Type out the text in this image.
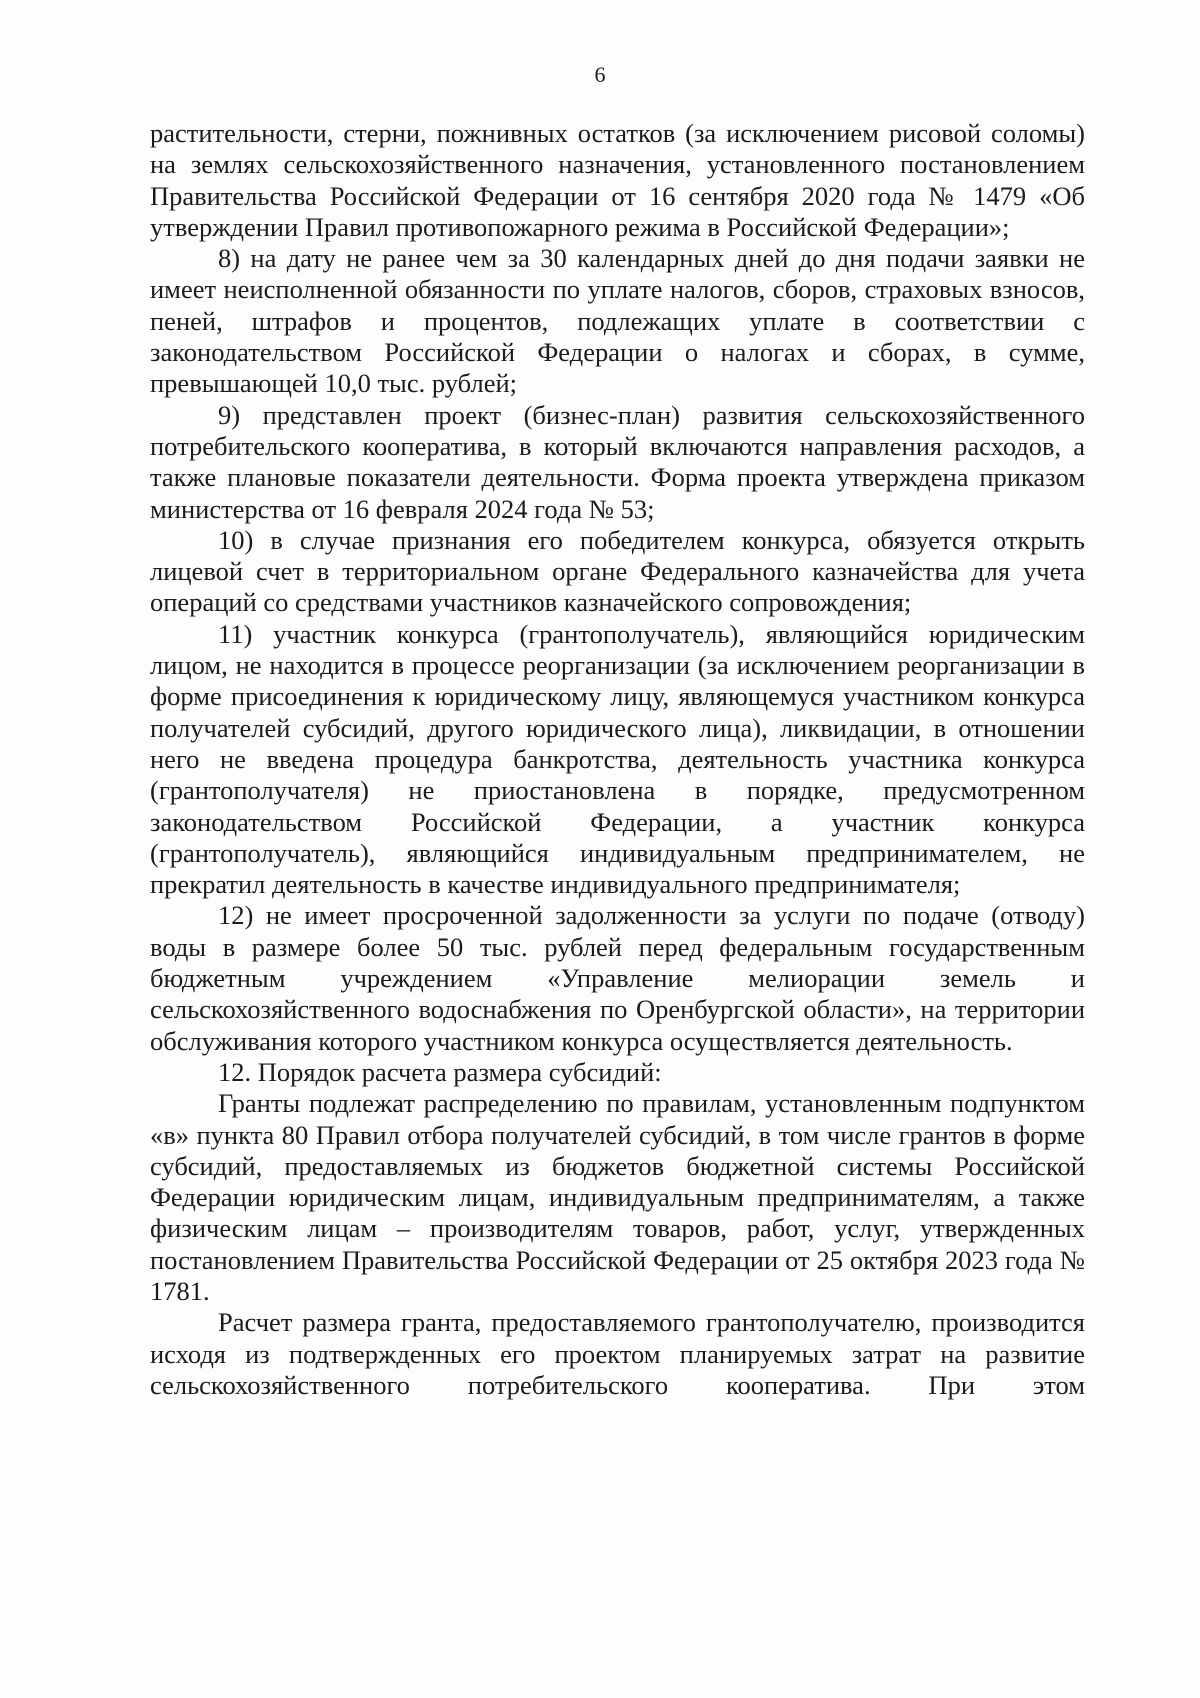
6

растительности, стерни, пожнивных остатков (за исключением рисовой соломы) на землях сельскохозяйственного назначения, установленного постановлением Правительства Российской Федерации от 16 сентября 2020 года № 1479 «Об утверждении Правил противопожарного режима в Российской Федерации»;

8) на дату не ранее чем за 30 календарных дней до дня подачи заявки не имеет неисполненной обязанности по уплате налогов, сборов, страховых взносов, пеней, штрафов и процентов, подлежащих уплате в соответствии с законодательством Российской Федерации о налогах и сборах, в сумме, превышающей 10,0 тыс. рублей;

9) представлен проект (бизнес-план) развития сельскохозяйственного потребительского кооператива, в который включаются направления расходов, а также плановые показатели деятельности. Форма проекта утверждена приказом министерства от 16 февраля 2024 года № 53;

10) в случае признания его победителем конкурса, обязуется открыть лицевой счет в территориальном органе Федерального казначейства для учета операций со средствами участников казначейского сопровождения;

11) участник конкурса (грантополучатель), являющийся юридическим лицом, не находится в процессе реорганизации (за исключением реорганизации в форме присоединения к юридическому лицу, являющемуся участником конкурса получателей субсидий, другого юридического лица), ликвидации, в отношении него не введена процедура банкротства, деятельность участника конкурса (грантополучателя) не приостановлена в порядке, предусмотренном законодательством Российской Федерации, а участник конкурса (грантополучатель), являющийся индивидуальным предпринимателем, не прекратил деятельность в качестве индивидуального предпринимателя;

12) не имеет просроченной задолженности за услуги по подаче (отводу) воды в размере более 50 тыс. рублей перед федеральным государственным бюджетным учреждением «Управление мелиорации земель и сельскохозяйственного водоснабжения по Оренбургской области», на территории обслуживания которого участником конкурса осуществляется деятельность.

12. Порядок расчета размера субсидий:

Гранты подлежат распределению по правилам, установленным подпунктом «в» пункта 80 Правил отбора получателей субсидий, в том числе грантов в форме субсидий, предоставляемых из бюджетов бюджетной системы Российской Федерации юридическим лицам, индивидуальным предпринимателям, а также физическим лицам – производителям товаров, работ, услуг, утвержденных постановлением Правительства Российской Федерации от 25 октября 2023 года № 1781.

Расчет размера гранта, предоставляемого грантополучателю, производится исходя из подтвержденных его проектом планируемых затрат на развитие сельскохозяйственного потребительского кооператива. При этом
